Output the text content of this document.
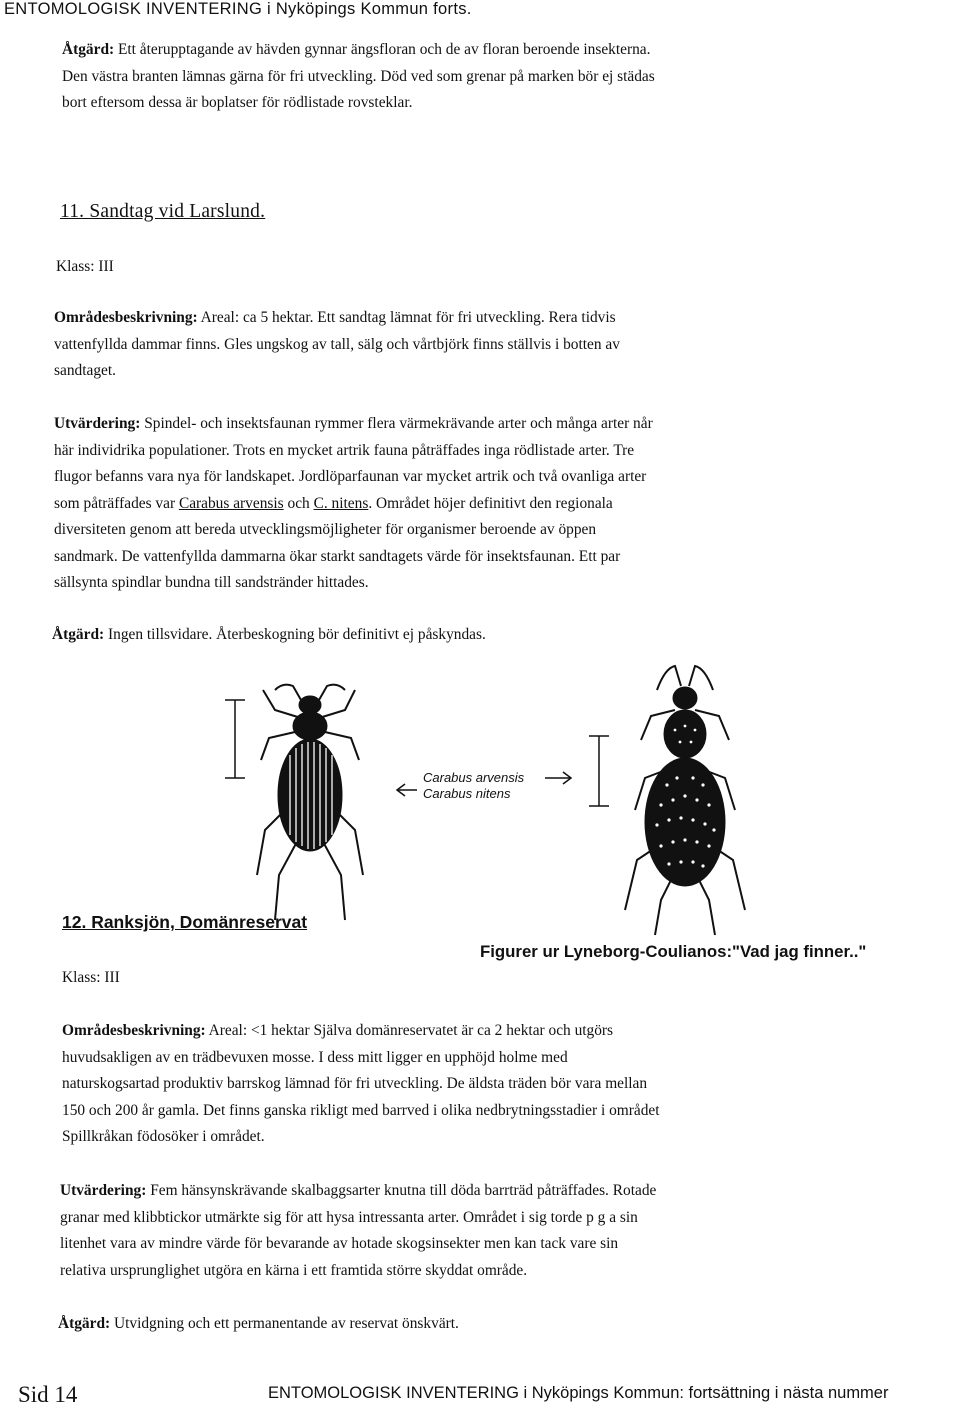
ENTOMOLOGISK INVENTERING i Nyköpings Kommun forts.

Åtgärd: Ett återupptagande av hävden gynnar ängsfloran och de av floran beroende insekterna.
Den västra branten lämnas gärna för fri utveckling. Död ved som grenar på marken bör ej städas
bort eftersom dessa är boplatser för rödlistade rovsteklar.

11. Sandtag vid Larslund.
Klass: III

Områdesbeskrivning: Areal: ca 5 hektar. Ett sandtag lämnat för fri utveckling. Rera tidvis
vattenfyllda dammar finns. Gles ungskog av tall, sälg och vårtbjörk finns ställvis i botten av
sandtaget.

Utvärdering: Spindel- och insektsfaunan rymmer flera värmekrävande arter och många arter når
här individrika populationer. Trots en mycket artrik fauna påträffades inga rödlistade arter. Tre
flugor befanns vara nya för landskapet. Jordlöparfaunan var mycket artrik och två ovanliga arter
som påträffades var Carabus arvensis och C. nitens. Området höjer definitivt den regionala
diversiteten genom att bereda utvecklingsmöjligheter för organismer beroende av öppen
sandmark. De vattenfyllda dammarna ökar starkt sandtagets värde för insektsfaunan. Ett par
sällsynta spindlar bundna till sandstränder hittades.

Åtgärd: Ingen tillsvidare. Återbeskogning bör definitivt ej påskyndas.

Carabus arvensis
Carabus nitens
12. Ranksjön, Domänreservat
Figurer ur Lyneborg-Coulianos:"Vad jag finner.."
Klass: III

Områdesbeskrivning: Areal: <1 hektar Själva domänreservatet är ca 2 hektar och utgörs
huvudsakligen av en trädbevuxen mosse. I dess mitt ligger en upphöjd holme med
naturskogsartad produktiv barrskog lämnad för fri utveckling. De äldsta träden bör vara mellan
150 och 200 år gamla. Det finns ganska rikligt med barrved i olika nedbrytningsstadier i området
Spillkråkan födosöker i området.

Utvärdering: Fem hänsynskrävande skalbaggsarter knutna till döda barrträd påträffades. Rotade
granar med klibbtickor utmärkte sig för att hysa intressanta arter. Området i sig torde p g a sin
litenhet vara av mindre värde för bevarande av hotade skogsinsekter men kan tack vare sin
relativa ursprunglighet utgöra en kärna i ett framtida större skyddat område.

Åtgärd: Utvidgning och ett permanentande av reservat önskvärt.

Sid 14	ENTOMOLOGISK INVENTERING i Nyköpings Kommun: fortsättning i nästa nummer
